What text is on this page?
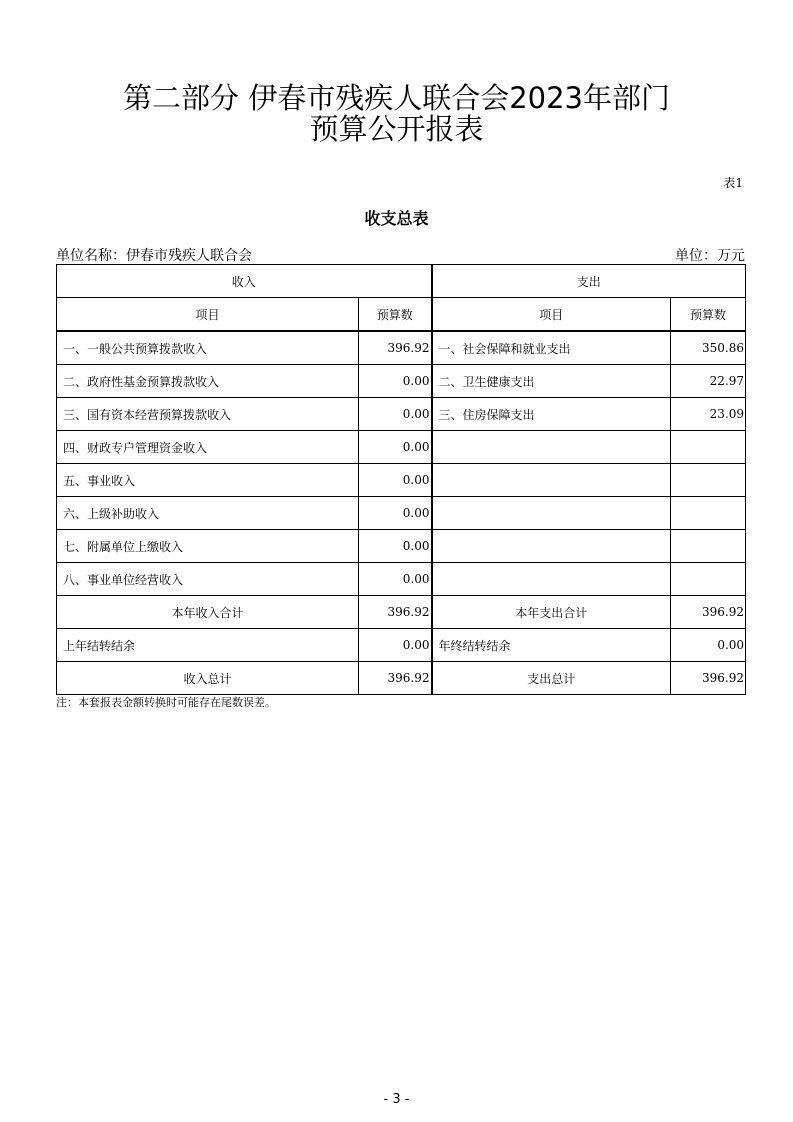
第二部分 伊春市残疾人联合会2023年部门
预算公开报表
表1
收支总表
单位名称：伊春市残疾人联合会	单位：万元
收入		支出	
项目	预算数	项目	预算数
一、一般公共预算拨款收入	396.92	一、社会保障和就业支出	350.86
二、政府性基金预算拨款收入	0.00	二、卫生健康支出	22.97
三、国有资本经营预算拨款收入	0.00	三、住房保障支出	23.09
四、财政专户管理资金收入	0.00		
五、事业收入	0.00		
六、上级补助收入	0.00		
七、附属单位上缴收入	0.00		
八、事业单位经营收入	0.00		
本年收入合计	396.92	本年支出合计	396.92
上年结转结余	0.00	年终结转结余	0.00
收入总计	396.92	支出总计	396.92
注：本套报表金额转换时可能存在尾数误差。
- 3 -
